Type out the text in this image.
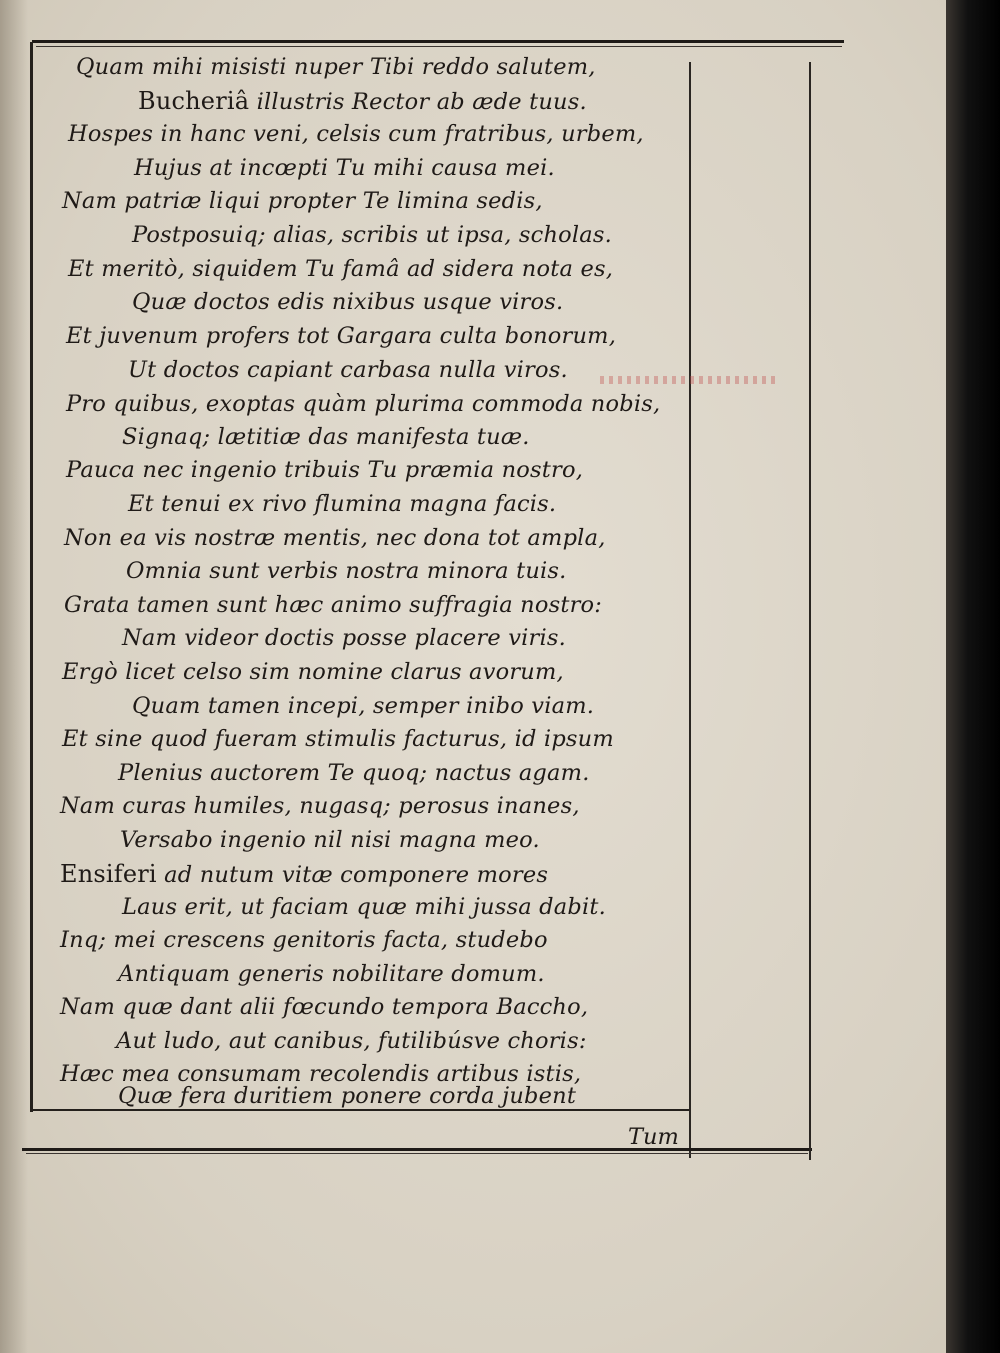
Quam mihi misisti nuper Tibi reddo salutem,
Bucheriâ illustris Rector ab æde tuus.
Hospes in hanc veni, celsis cum fratribus, urbem,
Hujus at incœpti Tu mihi causa mei.
Nam patriæ liqui propter Te limina sedis,
Postposuiq; alias, scribis ut ipsa, scholas.
Et meritò, siquidem Tu famâ ad sidera nota es,
Quæ doctos edis nixibus usque viros.
Et juvenum profers tot Gargara culta bonorum,
Ut doctos capiant carbasa nulla viros.
Pro quibus, exoptas quàm plurima commoda nobis,
Signaq; lætitiæ das manifesta tuæ.
Pauca nec ingenio tribuis Tu præmia nostro,
Et tenui ex rivo flumina magna facis.
Non ea vis nostræ mentis, nec dona tot ampla,
Omnia sunt verbis nostra minora tuis.
Grata tamen sunt hæc animo suffragia nostro:
Nam videor doctis posse placere viris.
Ergò licet celso sim nomine clarus avorum,
Quam tamen incepi, semper inibo viam.
Et sine quod fueram stimulis facturus, id ipsum
Plenius auctorem Te quoq; nactus agam.
Nam curas humiles, nugasq; perosus inanes,
Versabo ingenio nil nisi magna meo.
Ensiferi ad nutum vitæ componere mores
Laus erit, ut faciam quæ mihi jussa dabit.
Inq; mei crescens genitoris facta, studebo
Antiquam generis nobilitare domum.
Nam quæ dant alii fœcundo tempora Baccho,
Aut ludo, aut canibus, futilibúsve choris:
Hæc mea consumam recolendis artibus istis,
Quæ fera duritiem ponere corda jubent
Tum
